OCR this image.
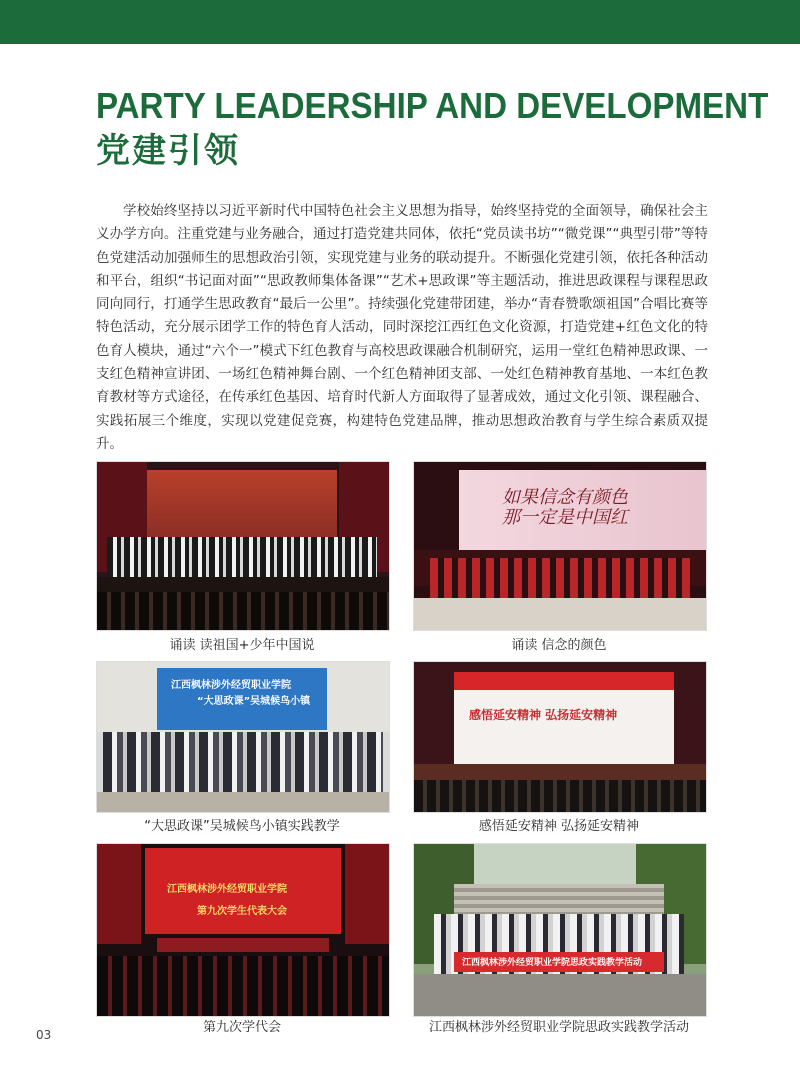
PARTY LEADERSHIP AND DEVELOPMENT
党建引领

学校始终坚持以习近平新时代中国特色社会主义思想为指导，始终坚持党的全面领导，确保社会主义办学方向。注重党建与业务融合，通过打造党建共同体，依托“党员读书坊”“微党课”“典型引带”等特色党建活动加强师生的思想政治引领，实现党建与业务的联动提升。不断强化党建引领，依托各种活动和平台，组织“书记面对面”“思政教师集体备课”“艺术+思政课”等主题活动，推进思政课程与课程思政同向同行，打通学生思政教育“最后一公里”。持续强化党建带团建，举办“青春赞歌颂祖国”合唱比赛等特色活动，充分展示团学工作的特色育人活动，同时深挖江西红色文化资源，打造党建+红色文化的特色育人模块，通过“六个一”模式下红色教育与高校思政课融合机制研究，运用一堂红色精神思政课、一支红色精神宣讲团、一场红色精神舞台剧、一个红色精神团支部、一处红色精神教育基地、一本红色教育教材等方式途径，在传承红色基因、培育时代新人方面取得了显著成效，通过文化引领、课程融合、实践拓展三个维度，实现以党建促竞赛，构建特色党建品牌，推动思想政治教育与学生综合素质双提升。

诵读 读祖国+少年中国说
如果信念有颜色
那一定是中国红
诵读 信念的颜色
江西枫林涉外经贸职业学院
“大思政课”吴城候鸟小镇
“大思政课”吴城候鸟小镇实践教学
感悟延安精神 弘扬延安精神
感悟延安精神 弘扬延安精神
江西枫林涉外经贸职业学院
第九次学生代表大会
第九次学代会
江西枫林涉外经贸职业学院思政实践教学活动
江西枫林涉外经贸职业学院思政实践教学活动
03
